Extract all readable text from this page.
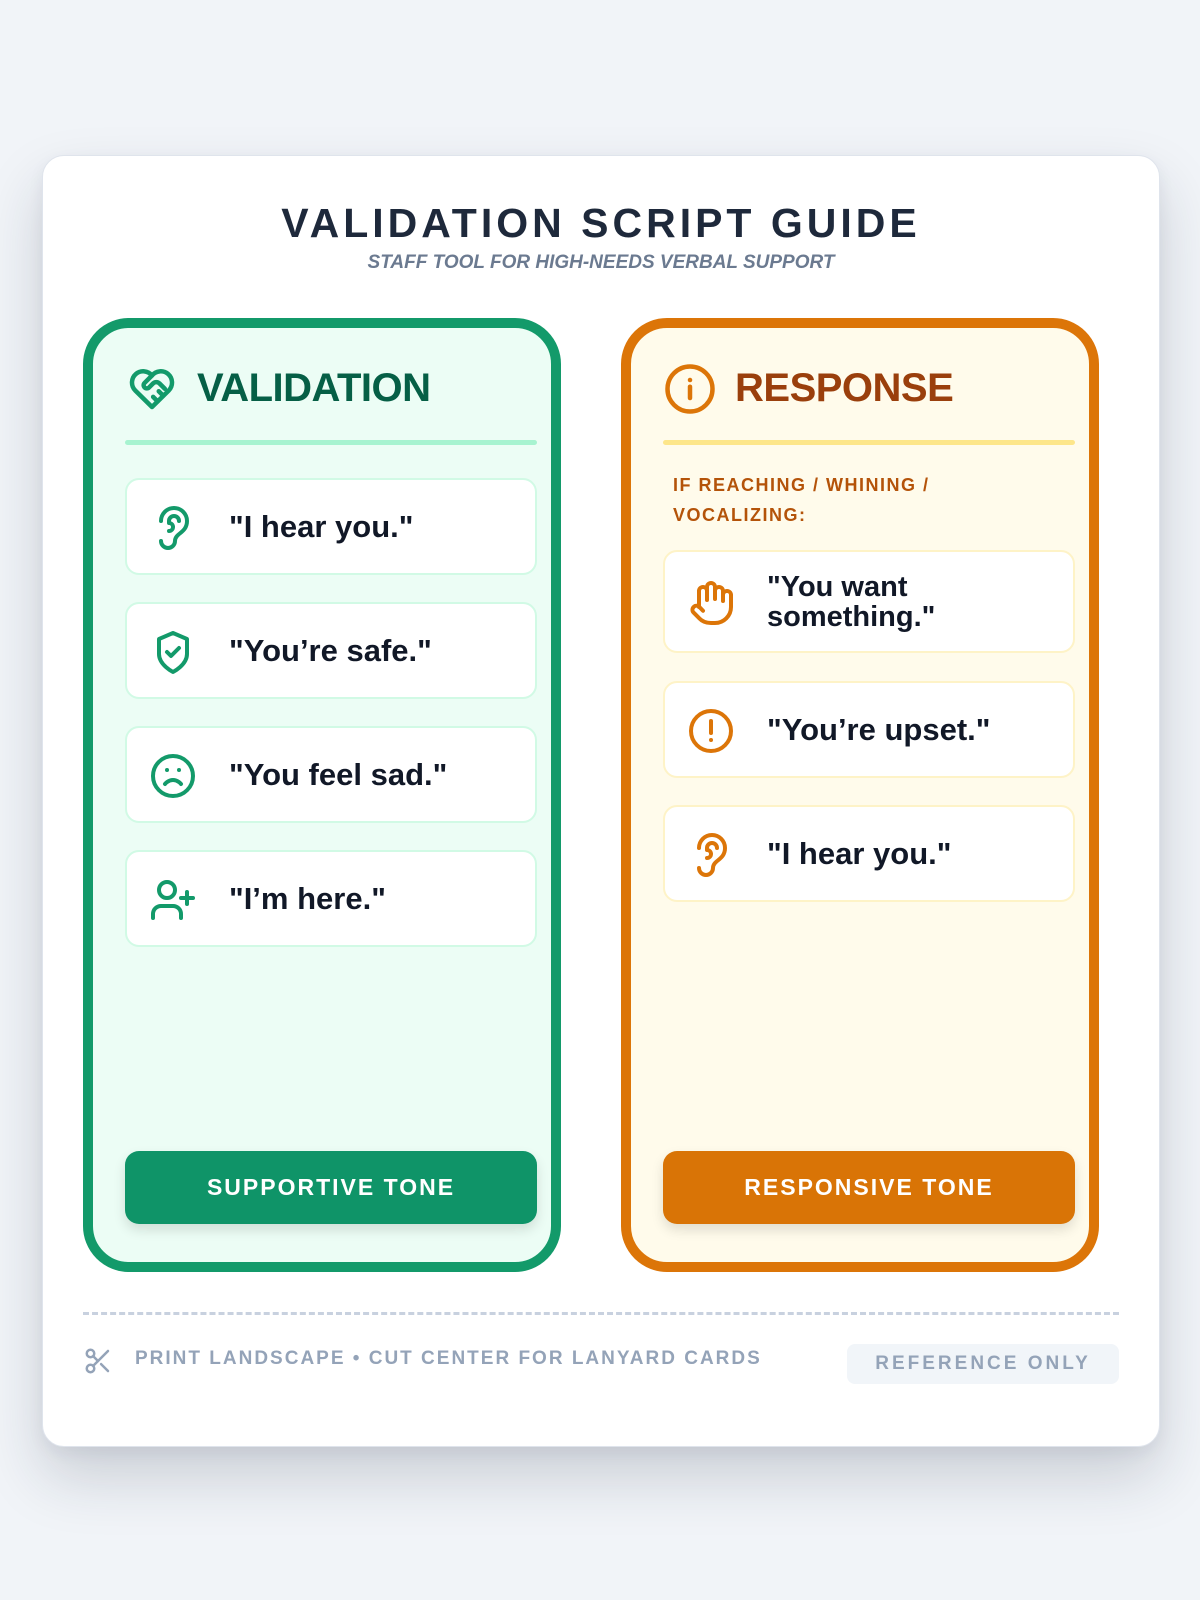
VALIDATION SCRIPT GUIDE
STAFF TOOL FOR HIGH-NEEDS VERBAL SUPPORT
VALIDATION
"I hear you."
"You’re safe."
"You feel sad."
"I’m here."
SUPPORTIVE TONE
RESPONSE
IF REACHING / WHINING / VOCALIZING:
"You want something."
"You’re upset."
"I hear you."
RESPONSIVE TONE
PRINT LANDSCAPE • CUT CENTER FOR LANYARD CARDS	REFERENCE ONLY
